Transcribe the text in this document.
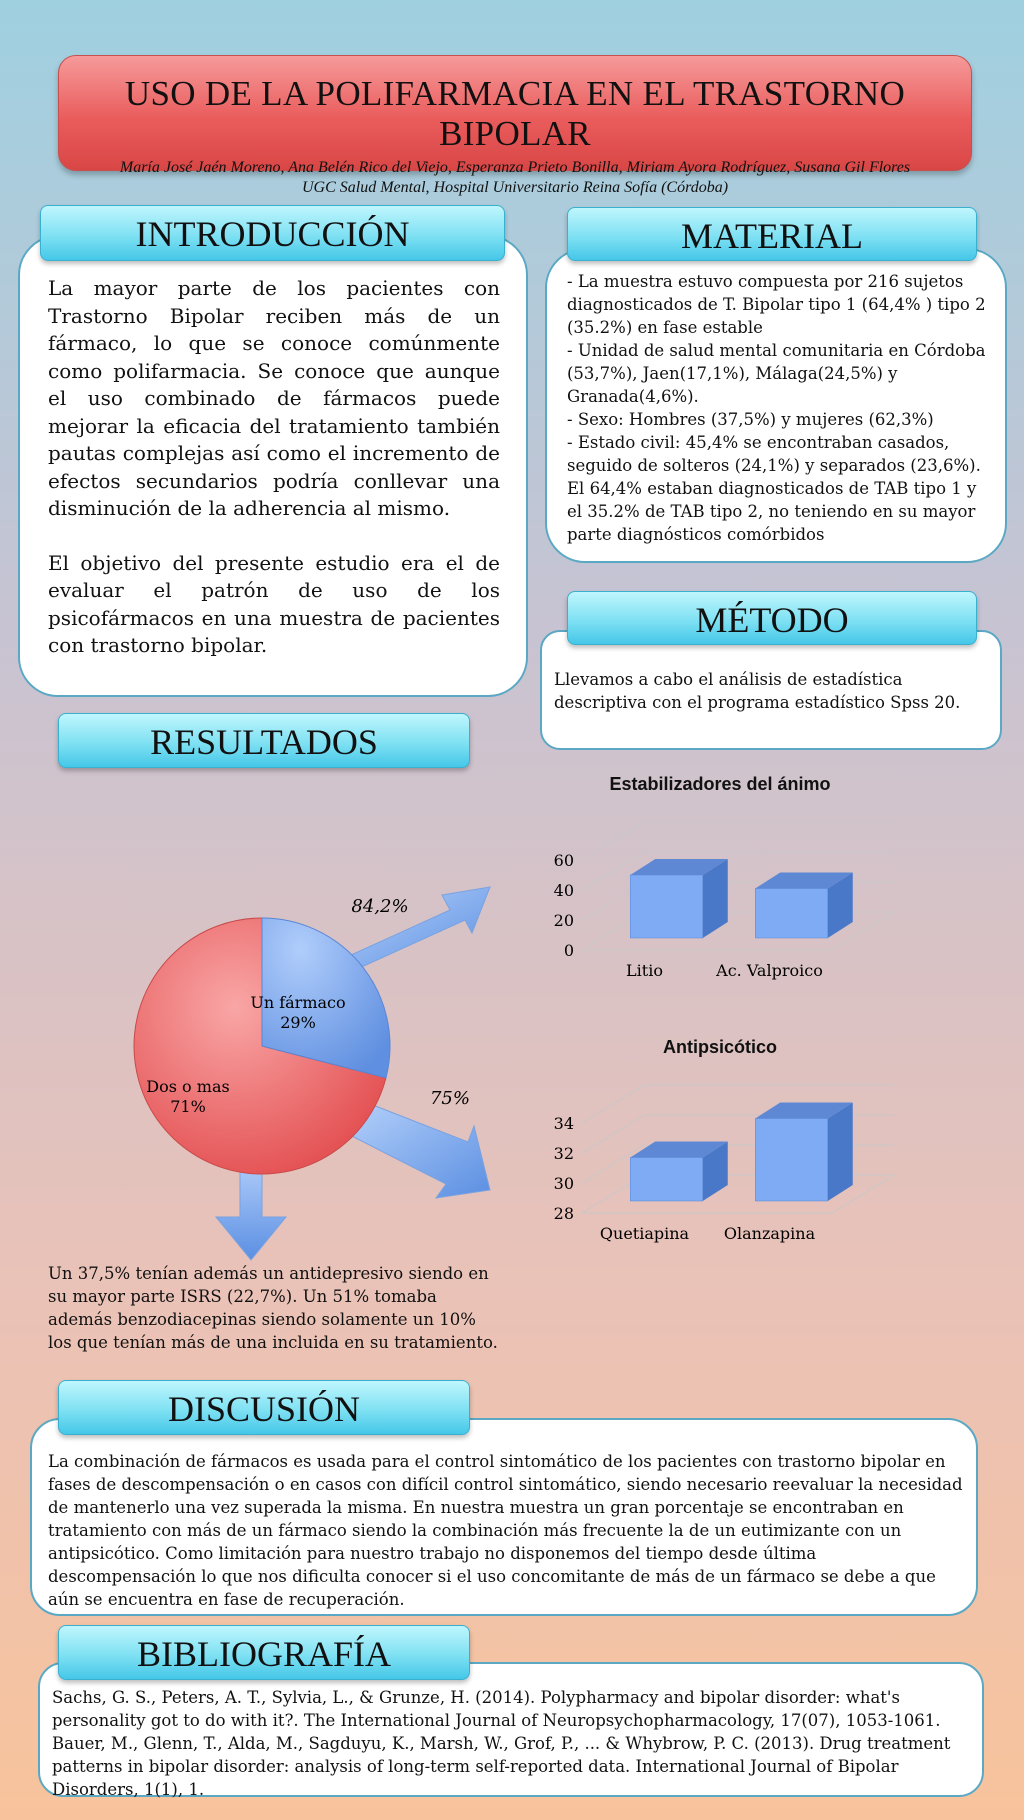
USO DE LA POLIFARMACIA EN EL TRASTORNO BIPOLAR
María José Jaén Moreno, Ana Belén Rico del Viejo, Esperanza Prieto Bonilla, Miriam Ayora Rodríguez, Susana Gil Flores
UGC Salud Mental, Hospital Universitario Reina Sofía (Córdoba)
La mayor parte de los pacientes con Trastorno Bipolar reciben más de un fármaco, lo que se conoce comúnmente como polifarmacia. Se conoce que aunque el uso combinado de fármacos puede mejorar la eficacia del tratamiento también pautas complejas así como el incremento de efectos secundarios podría conllevar una disminución de la adherencia al mismo.
El objetivo del presente estudio era el de evaluar el patrón de uso de los psicofármacos en una muestra de pacientes con trastorno bipolar.
INTRODUCCIÓN
- La muestra estuvo compuesta por 216 sujetos diagnosticados de T. Bipolar tipo 1 (64,4% ) tipo 2 (35.2%) en fase estable
- Unidad de salud mental comunitaria en Córdoba (53,7%), Jaen(17,1%), Málaga(24,5%) y Granada(4,6%).
- Sexo: Hombres (37,5%) y mujeres (62,3%)
- Estado civil: 45,4% se encontraban casados, seguido de solteros (24,1%) y separados (23,6%). El 64,4% estaban diagnosticados de TAB tipo 1 y el 35.2% de TAB tipo 2, no teniendo en su mayor parte diagnósticos comórbidos
MATERIAL
Llevamos a cabo el análisis de estadística descriptiva con el programa estadístico Spss 20.
MÉTODO
RESULTADOS
Un fármaco
29%
Dos o mas
71%
84,2%
75%
Estabilizadores del ánimo
0
20
40
60
Litio	Ac. Valproico
Antipsicótico
28
30
32
34
Quetiapina Olanzapina
Un 37,5% tenían además un antidepresivo siendo en su mayor parte ISRS (22,7%). Un 51% tomaba además benzodiacepinas siendo solamente un 10% los que tenían más de una incluida en su tratamiento.
La combinación de fármacos es usada para el control sintomático de los pacientes con trastorno bipolar en fases de descompensación o en casos con difícil control sintomático, siendo necesario reevaluar la necesidad de mantenerlo una vez superada la misma. En nuestra muestra un gran porcentaje se encontraban en tratamiento con más de un fármaco siendo la combinación más frecuente la de un eutimizante con un antipsicótico. Como limitación para nuestro trabajo no disponemos del tiempo desde última descompensación lo que nos dificulta conocer si el uso concomitante de más de un fármaco se debe a que aún se encuentra en fase de recuperación.
DISCUSIÓN
Sachs, G. S., Peters, A. T., Sylvia, L., & Grunze, H. (2014). Polypharmacy and bipolar disorder: what's personality got to do with it?. The International Journal of Neuropsychopharmacology, 17(07), 1053-1061.
Bauer, M., Glenn, T., Alda, M., Sagduyu, K., Marsh, W., Grof, P., ... & Whybrow, P. C. (2013). Drug treatment patterns in bipolar disorder: analysis of long-term self-reported data. International Journal of Bipolar Disorders, 1(1), 1.
BIBLIOGRAFÍA
